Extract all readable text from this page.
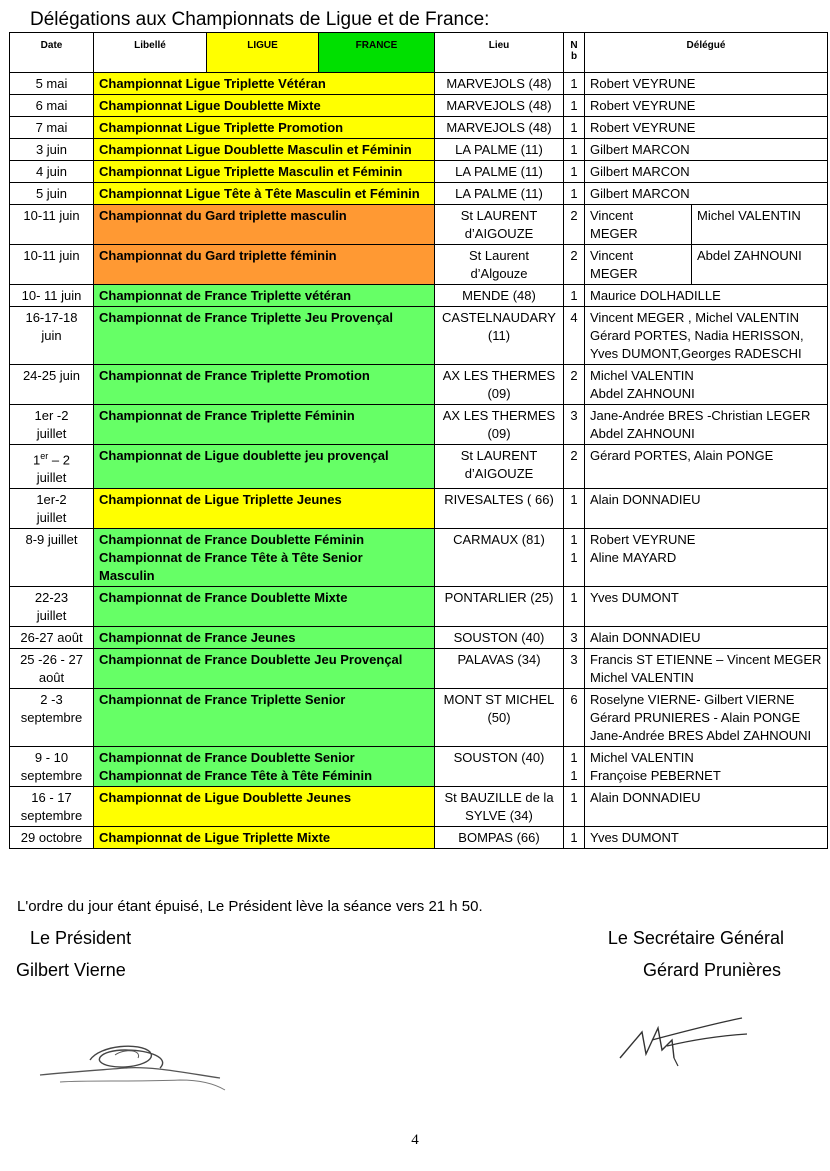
Délégations aux Championnats de Ligue et de France:
Date	Libellé	LIGUE	FRANCE	Lieu	N
b	Délégué	

5 mai	Championnat Ligue Triplette Vétéran			MARVEJOLS (48)	1	Robert VEYRUNE	

6 mai	Championnat Ligue Doublette Mixte			MARVEJOLS (48)	1	Robert VEYRUNE	

7 mai	Championnat Ligue Triplette Promotion			MARVEJOLS (48)	1	Robert VEYRUNE	

3 juin	Championnat Ligue Doublette Masculin et Féminin			LA PALME (11)	1	Gilbert MARCON	

4 juin	Championnat Ligue Triplette Masculin et Féminin			LA PALME (11)	1	Gilbert MARCON	

5 juin	Championnat Ligue Tête à Tête Masculin et Féminin			LA PALME (11)	1	Gilbert MARCON	

10-11 juin	Championnat du Gard triplette masculin			St LAURENT
d’AIGOUZE	2	Vincent
MEGER	Michel VALENTIN

10-11 juin	Championnat du Gard triplette féminin			St Laurent
d’Algouze	2	Vincent
MEGER	Abdel ZAHNOUNI

10- 11 juin	Championnat de France Triplette vétéran			MENDE (48)	1	Maurice DOLHADILLE	

16-17-18
juin	Championnat de France Triplette Jeu Provençal			CASTELNAUDARY
(11)	4	Vincent MEGER , Michel VALENTIN
Gérard PORTES, Nadia HERISSON,
Yves DUMONT,Georges RADESCHI	

24-25 juin	Championnat de France Triplette Promotion			AX LES THERMES
(09)	2	Michel VALENTIN
Abdel ZAHNOUNI	

1er -2
juillet	Championnat de France Triplette Féminin			AX LES THERMES
(09)	3	Jane-Andrée BRES -Christian LEGER
Abdel ZAHNOUNI	

1er – 2
juillet	Championnat de Ligue doublette jeu provençal			St LAURENT
d’AIGOUZE	2	Gérard PORTES, Alain PONGE	

1er-2
juillet	Championnat de Ligue Triplette Jeunes			RIVESALTES ( 66)	1	Alain DONNADIEU	

8-9 juillet	Championnat de France Doublette Féminin
Championnat de France Tête à Tête Senior
Masculin			CARMAUX (81)	1
1	Robert VEYRUNE
Aline MAYARD	

22-23
juillet	Championnat de France Doublette Mixte			PONTARLIER (25)	1	Yves DUMONT	

26-27 août	Championnat de France Jeunes			SOUSTON (40)	3	Alain DONNADIEU	

25 -26 - 27
août	Championnat de France Doublette Jeu Provençal			PALAVAS (34)	3	Francis ST ETIENNE – Vincent MEGER
Michel VALENTIN	

2 -3
septembre	Championnat de France Triplette Senior			MONT ST MICHEL
(50)	6	Roselyne VIERNE- Gilbert VIERNE
Gérard PRUNIERES - Alain PONGE
Jane-Andrée BRES Abdel ZAHNOUNI	

9 - 10
septembre	Championnat de France Doublette Senior
Championnat de France Tête à Tête Féminin			SOUSTON (40)	1
1	Michel VALENTIN
Françoise PEBERNET	

16 - 17
septembre	Championnat de Ligue Doublette Jeunes			St BAUZILLE de la
SYLVE (34)	1	Alain DONNADIEU	

29 octobre	Championnat de Ligue Triplette Mixte			BOMPAS (66)	1	Yves DUMONT	
L'ordre du jour étant épuisé, Le Président lève la séance vers 21 h 50.
Le Président
Gilbert Vierne
Le Secrétaire Général
Gérard Prunières
4
